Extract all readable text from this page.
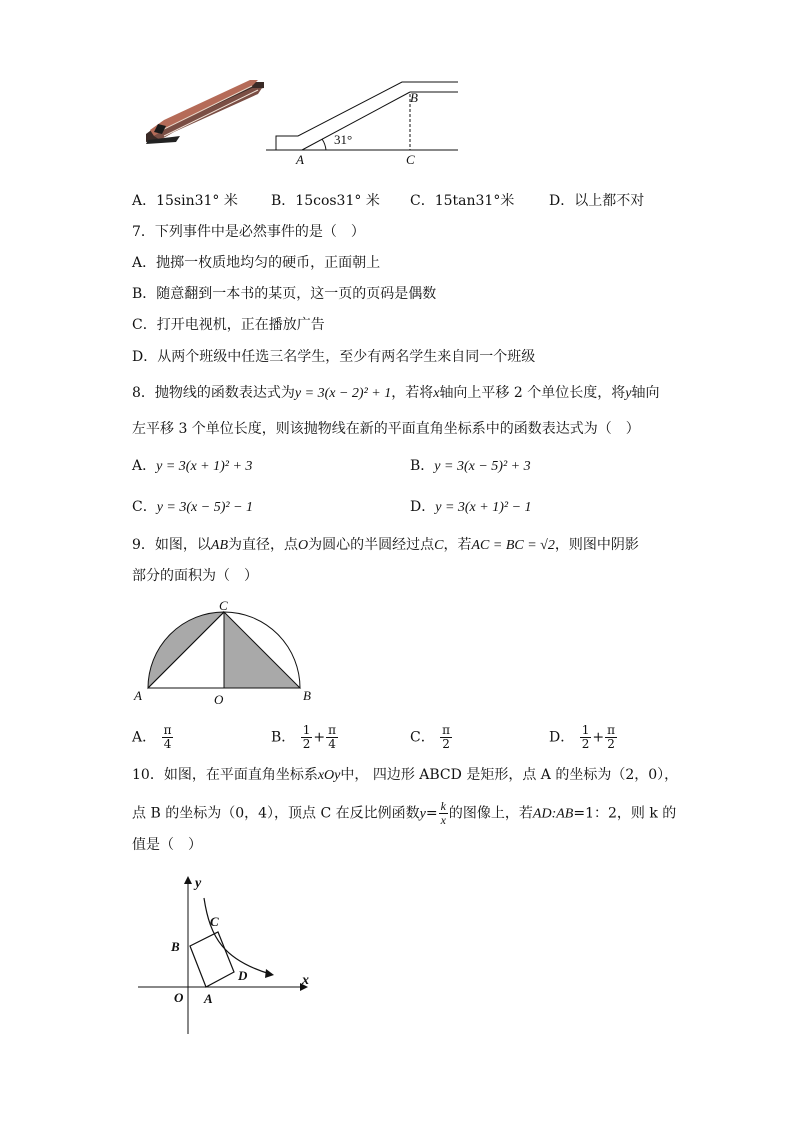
31°
A
B
C
A．15sin31° 米 B．15cos31° 米 C．15tan31°米 D．以上都不对
7．下列事件中是必然事件的是（　）
A．抛掷一枚质地均匀的硬币，正面朝上
B．随意翻到一本书的某页，这一页的页码是偶数
C．打开电视机，正在播放广告
D．从两个班级中任选三名学生，至少有两名学生来自同一个班级
8．抛物线的函数表达式为y = 3(x − 2)² + 1，若将x轴向上平移 2 个单位长度，将y轴向
左平移 3 个单位长度，则该抛物线在新的平面直角坐标系中的函数表达式为（　）
A．y = 3(x + 1)² + 3	B．y = 3(x − 5)² + 3
C．y = 3(x − 5)² − 1	D．y = 3(x + 1)² − 1
9．如图，以AB为直径，点O为圆心的半圆经过点C，若AC = BC = √2，则图中阴影
部分的面积为（　）
C
A	O	B
A． $\frac{\pi}{4}$	B． $\frac{1}{2} + \frac{\pi}{4}$	C． $\frac{\pi}{2}$	D． $\frac{1}{2} + \frac{\pi}{2}$
10．如图，在平面直角坐标系xOy中， 四边形 ABCD 是矩形，点 A 的坐标为（2，0），
点 B 的坐标为（0，4），顶点 C 在反比例函数$y= \frac{k}{x}$ 的图像上，若AD:AB=1：2，则 k 的
值是（　）
y
x
O A
B
C
D
